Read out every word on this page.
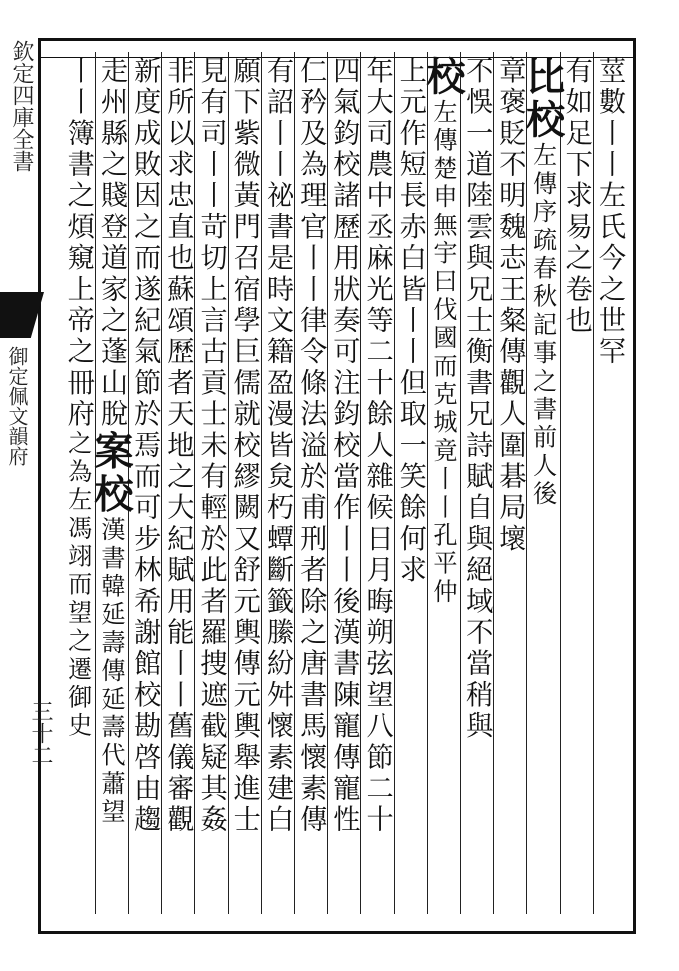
欽定四庫全書
御定佩文韻府
三十二
莖數丨丨左氏今之世罕
有如足下求易之卷也
比校左傳序疏春秋記事之書前人後
章褒貶不明魏志王粲傳觀人圍碁局壞
不悞一道陸雲與兄士衡書兄詩賦自與絕域不當稍與
校左傳楚申無宇曰伐國而克城竟丨丨孔平仲
上元作短長赤白皆丨丨但取一笑餘何求
年大司農中丞麻光等二十餘人雜候日月晦朔弦望八節二十
四氣鈞校諸歷用狀奏可注鈞校當作丨丨後漢書陳寵傳寵性
仁矜及為理官丨丨律令條法溢於甫刑者除之唐書馬懷素傳
有詔丨丨祕書是時文籍盈漫皆炱朽蟫斷籤縢紛舛懷素建白
願下紫微黃門召宿學巨儒就校繆闕又舒元輿傳元輿舉進士
見有司丨丨苛切上言古貢士未有輕於此者羅捜遮截疑其姦
非所以求忠直也蘇頌歷者天地之大紀賦用能丨丨舊儀審觀
新度成敗因之而遂紀氣節於焉而可步林希謝館校勘啓由趨
走州縣之賤登道家之蓬山脫案校漢書韓延壽傳延壽代蕭望
丨丨簿書之煩窺上帝之冊府之為左馮翊而望之遷御史
